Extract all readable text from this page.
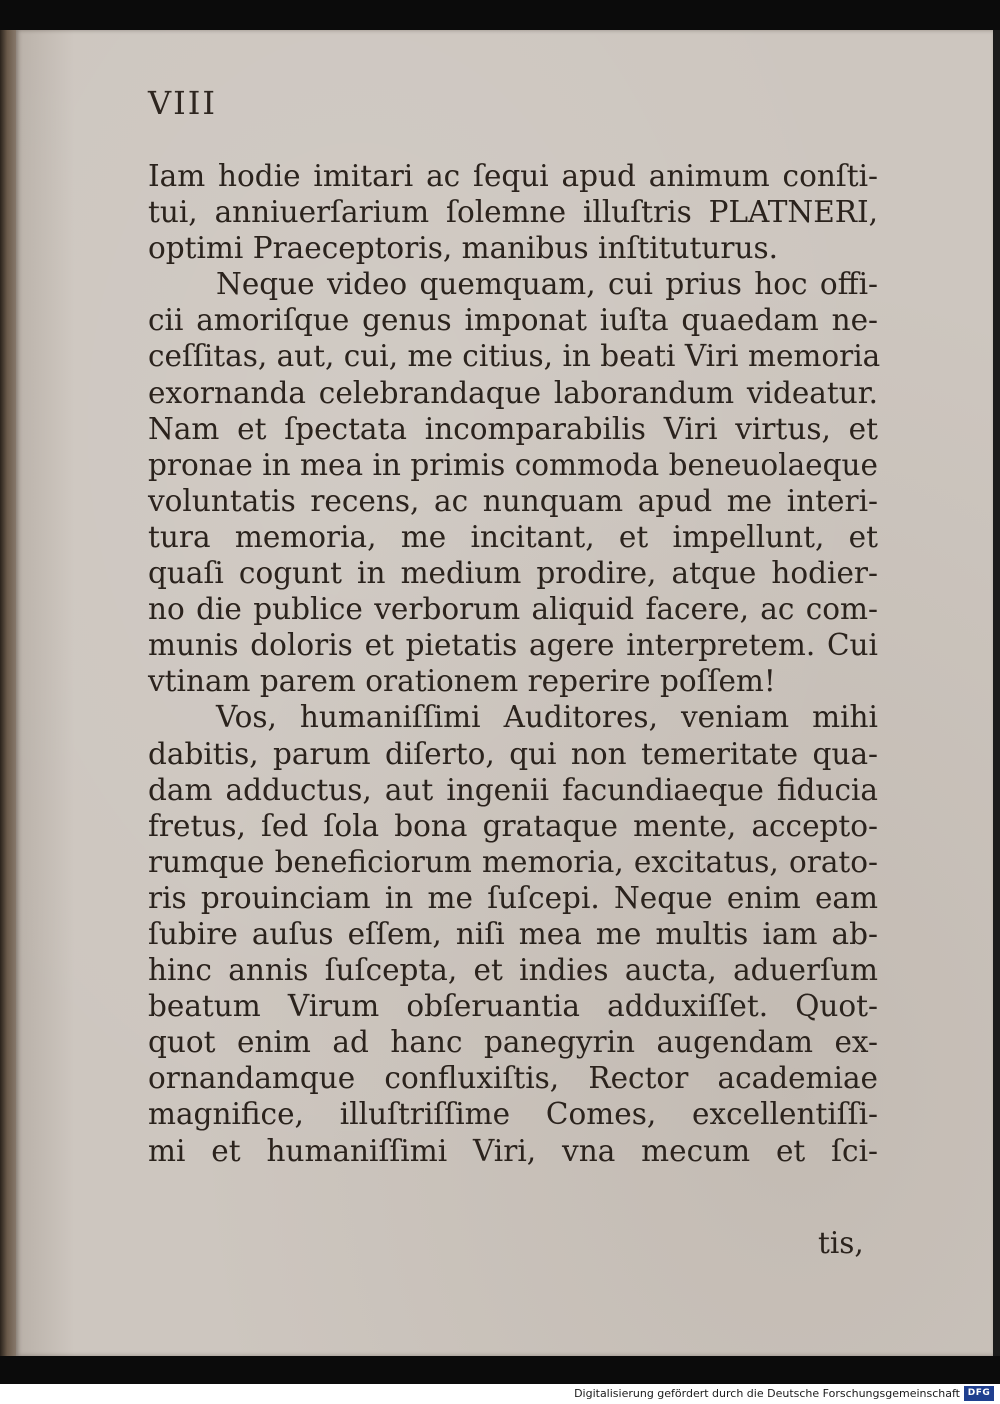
VIII
Iam hodie imitari ac ſequi apud animum conſti-
tui, anniuerſarium ſolemne illuſtris PLATNERI,
optimi Praeceptoris, manibus inſtituturus.
Neque video quemquam, cui prius hoc offi-
cii amoriſque genus imponat iuſta quaedam ne-
ceſſitas, aut, cui, me citius, in beati Viri memoria
exornanda celebrandaque laborandum videatur.
Nam et ſpectata incomparabilis Viri virtus, et
pronae in mea in primis commoda beneuolaeque
voluntatis recens, ac nunquam apud me interi-
tura memoria, me incitant, et impellunt, et
quaſi cogunt in medium prodire, atque hodier-
no die publice verborum aliquid facere, ac com-
munis doloris et pietatis agere interpretem. Cui
vtinam parem orationem reperire poſſem!
Vos, humaniſſimi Auditores, veniam mihi
dabitis, parum diſerto, qui non temeritate qua-
dam adductus, aut ingenii facundiaeque fiducia
fretus, ſed ſola bona grataque mente, accepto-
rumque beneficiorum memoria, excitatus, orato-
ris prouinciam in me ſuſcepi. Neque enim eam
ſubire auſus eſſem, niſi mea me multis iam ab-
hinc annis ſuſcepta, et indies aucta, aduerſum
beatum Virum obſeruantia adduxiſſet. Quot-
quot enim ad hanc panegyrin augendam ex-
ornandamque confluxiſtis, Rector academiae
magnifice, illuſtriſſime Comes, excellentiſſi-
mi et humaniſſimi Viri, vna mecum et ſci-
tis,
Digitalisierung gefördert durch die Deutsche Forschungsgemeinschaft DFG
